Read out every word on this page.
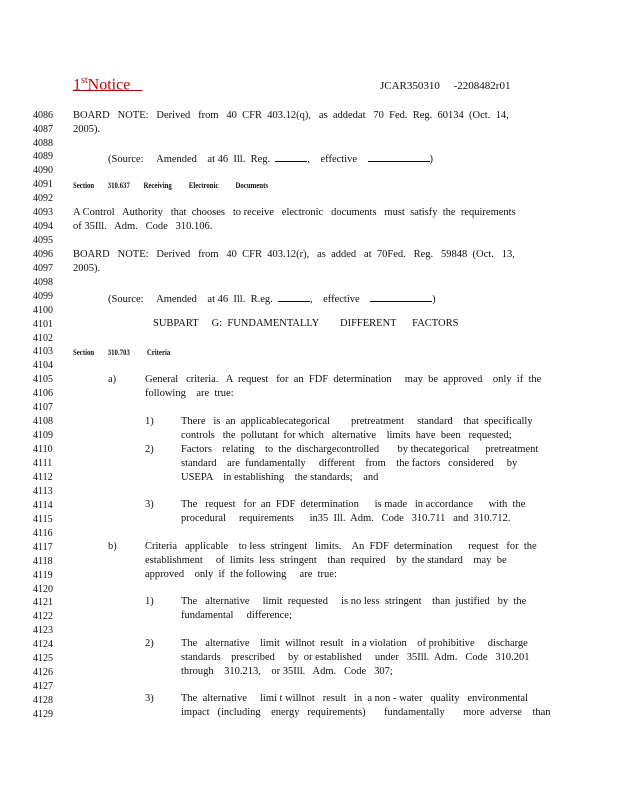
1stNotice	JCAR350310     -2208482r01
4086
4087
4088
4089
4090
4091
4092
4093
4094
4095
4096
4097
4098
4099
4100
4101
4102
4103
4104
4105
4106
4107
4108
4109
4110
4111
4112
4113
4114
4115
4116
4117
4118
4119
4120
4121
4122
4123
4124
4125
4126
4127
4128
4129
BOARD   NOTE:   Derived   from   40  CFR  403.12(q),   as  addedat   70  Fed.  Reg.  60134  (Oct.  14,
2005).
(Source:     Amended    at 46  Ill.  Reg.	,    effective	)
Section        310.637        Receiving          Electronic          Documents
A Control   Authority   that  chooses   to receive   electronic   documents   must  satisfy  the  requirements
of 35Ill.   Adm.   Code   310.106.
BOARD   NOTE:   Derived   from   40  CFR  403.12(r),   as  added   at  70Fed.   Reg.   59848  (Oct.   13,
2005).
(Source:     Amended    at 46  Ill.  R.eg.	,    effective	)
SUBPART     G:  FUNDAMENTALLY        DIFFERENT      FACTORS
Section        310.703          Criteria
a)	General   criteria.   A  request   for  an  FDF  determination     may  be  approved    only  if  the
following    are  true:
1)	There   is  an  applicablecategorical        pretreatment     standard    that  specifically
controls   the  pollutant  for which   alternative    limits  have  been   requested;
2)	Factors    relating    to  the  dischargecontrolled       by thecategorical      pretreatment
standard    are  fundamentally     different    from    the factors   considered     by
USEPA    in establishing    the standards;    and
3)	The   request   for  an  FDF  determination      is made   in accordance      with  the
procedural     requirements      in35  Ill.  Adm.   Code   310.711   and  310.712.
b)	Criteria   applicable    to less  stringent   limits.    An  FDF  determination      request   for  the
establishment     of  limits  less  stringent    than  required    by  the standard    may  be
approved    only  if  the following     are  true:
1)	The   alternative     limit  requested     is no less  stringent    than  justified   by  the
fundamental     difference;
2)	The   alternative    limit  willnot  result   in a violation    of prohibitive     discharge
standards    prescribed     by  or established     under   35Ill.  Adm.   Code   310.201
through    310.213,    or 35Ill.   Adm.   Code   307;
3)	The  alternative     limi t willnot   result   in  a non - water   quality   environmental
impact   (including    energy   requirements)       fundamentally       more  adverse    than
